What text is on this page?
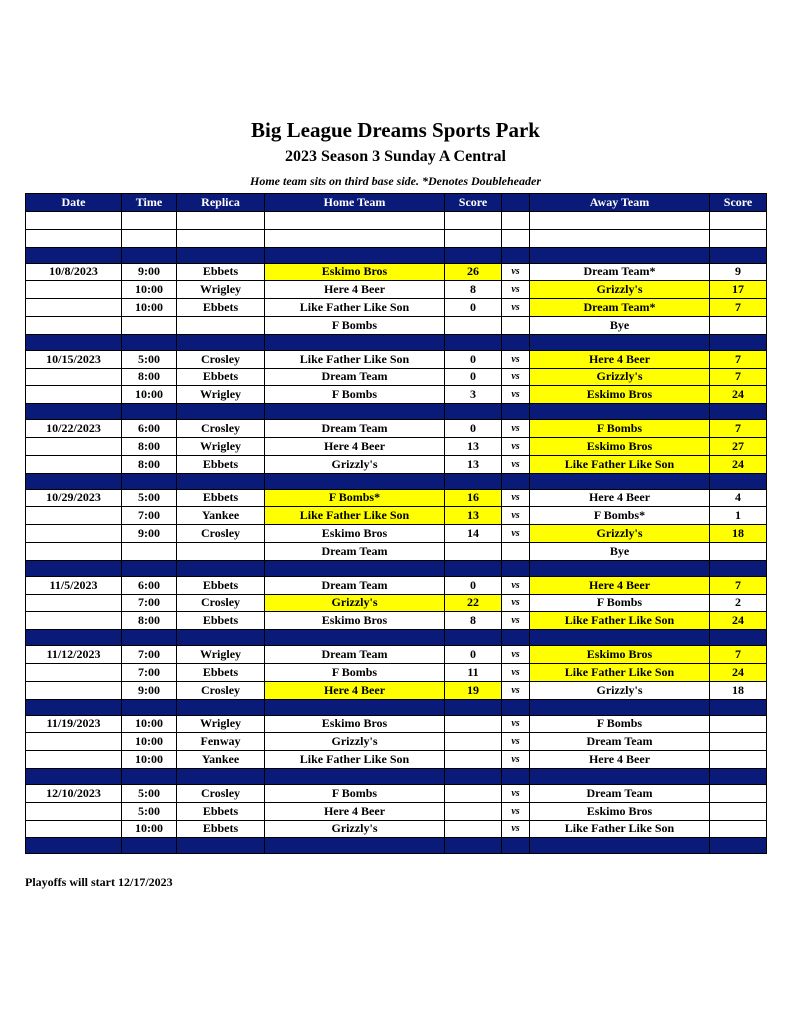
Big League Dreams Sports Park
2023 Season 3 Sunday A Central
Home team sits on third base side. *Denotes Doubleheader
Date	Time	Replica	Home Team	Score		Away Team	Score

10/8/2023	9:00	Ebbets	Eskimo Bros	26	vs	Dream Team*	9
	10:00	Wrigley	Here 4 Beer	8	vs	Grizzly's	17
	10:00	Ebbets	Like Father Like Son	0	vs	Dream Team*	7
			F Bombs			Bye	

10/15/2023	5:00	Crosley	Like Father Like Son	0	vs	Here 4 Beer	7
	8:00	Ebbets	Dream Team	0	vs	Grizzly's	7
	10:00	Wrigley	F Bombs	3	vs	Eskimo Bros	24

10/22/2023	6:00	Crosley	Dream Team	0	vs	F Bombs	7
	8:00	Wrigley	Here 4 Beer	13	vs	Eskimo Bros	27
	8:00	Ebbets	Grizzly's	13	vs	Like Father Like Son	24

10/29/2023	5:00	Ebbets	F Bombs*	16	vs	Here 4 Beer	4
	7:00	Yankee	Like Father Like Son	13	vs	F Bombs*	1
	9:00	Crosley	Eskimo Bros	14	vs	Grizzly's	18
			Dream Team			Bye	

11/5/2023	6:00	Ebbets	Dream Team	0	vs	Here 4 Beer	7
	7:00	Crosley	Grizzly's	22	vs	F Bombs	2
	8:00	Ebbets	Eskimo Bros	8	vs	Like Father Like Son	24

11/12/2023	7:00	Wrigley	Dream Team	0	vs	Eskimo Bros	7
	7:00	Ebbets	F Bombs	11	vs	Like Father Like Son	24
	9:00	Crosley	Here 4 Beer	19	vs	Grizzly's	18

11/19/2023	10:00	Wrigley	Eskimo Bros		vs	F Bombs	
	10:00	Fenway	Grizzly's		vs	Dream Team	
	10:00	Yankee	Like Father Like Son		vs	Here 4 Beer	

12/10/2023	5:00	Crosley	F Bombs		vs	Dream Team	
	5:00	Ebbets	Here 4 Beer		vs	Eskimo Bros	
	10:00	Ebbets	Grizzly's		vs	Like Father Like Son	

Playoffs will start 12/17/2023
